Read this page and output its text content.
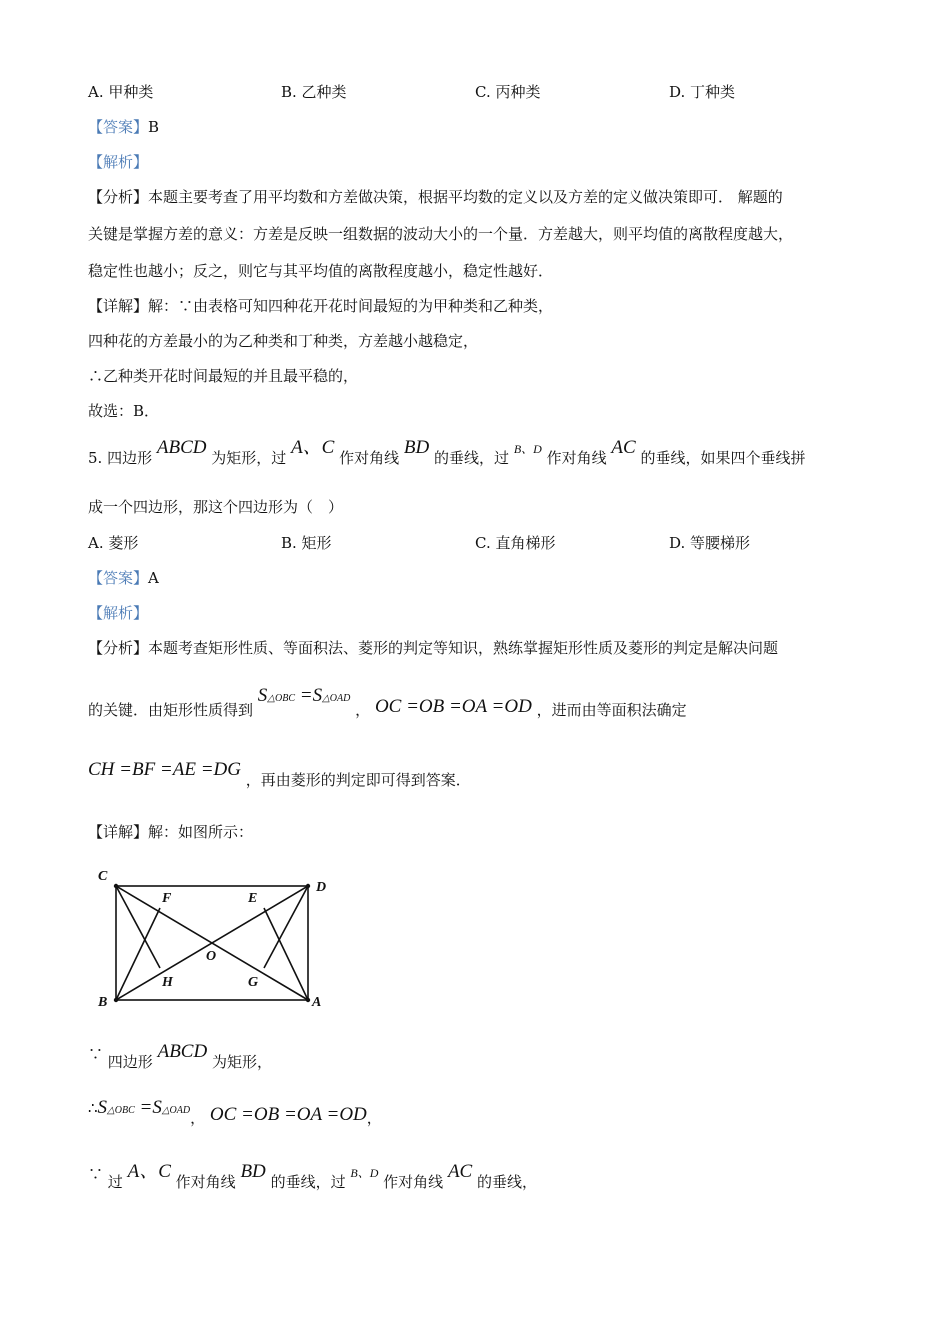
A. 甲种类	B. 乙种类	C. 丙种类	D. 丁种类
【答案】B
【解析】
【分析】本题主要考查了用平均数和方差做决策，根据平均数的定义以及方差的定义做决策即可． 解题的
关键是掌握方差的意义：方差是反映一组数据的波动大小的一个量．方差越大，则平均值的离散程度越大，
稳定性也越小；反之，则它与其平均值的离散程度越小，稳定性越好．
【详解】解：∵由表格可知四种花开花时间最短的为甲种类和乙种类，
四种花的方差最小的为乙种类和丁种类，方差越小越稳定，
∴乙种类开花时间最短的并且最平稳的，
故选：B．
5. 四边形 ABCD 为矩形，过 A、C 作对角线 BD 的垂线，过 $^{B、D}$ 作对角线 AC 的垂线，如果四个垂线拼
成一个四边形，那这个四边形为（　）
A. 菱形	B. 矩形	C. 直角梯形	D. 等腰梯形
【答案】A
【解析】
【分析】本题考查矩形性质、等面积法、菱形的判定等知识，熟练掌握矩形性质及菱形的判定是解决问题
的关键．由矩形性质得到 S△OBC =S△OAD ， OC =OB =OA =OD ，进而由等面积法确定
CH =BF =AE =DG ，再由菱形的判定即可得到答案．
【详解】解：如图所示：
C
D
F	E
O
H	G
B	A
∵ 四边形 ABCD 为矩形，
∴S△OBC =S△OAD， OC =OB =OA =OD，
∵ 过 A、C 作对角线 BD 的垂线，过 $^{B、D}$ 作对角线 AC 的垂线，
